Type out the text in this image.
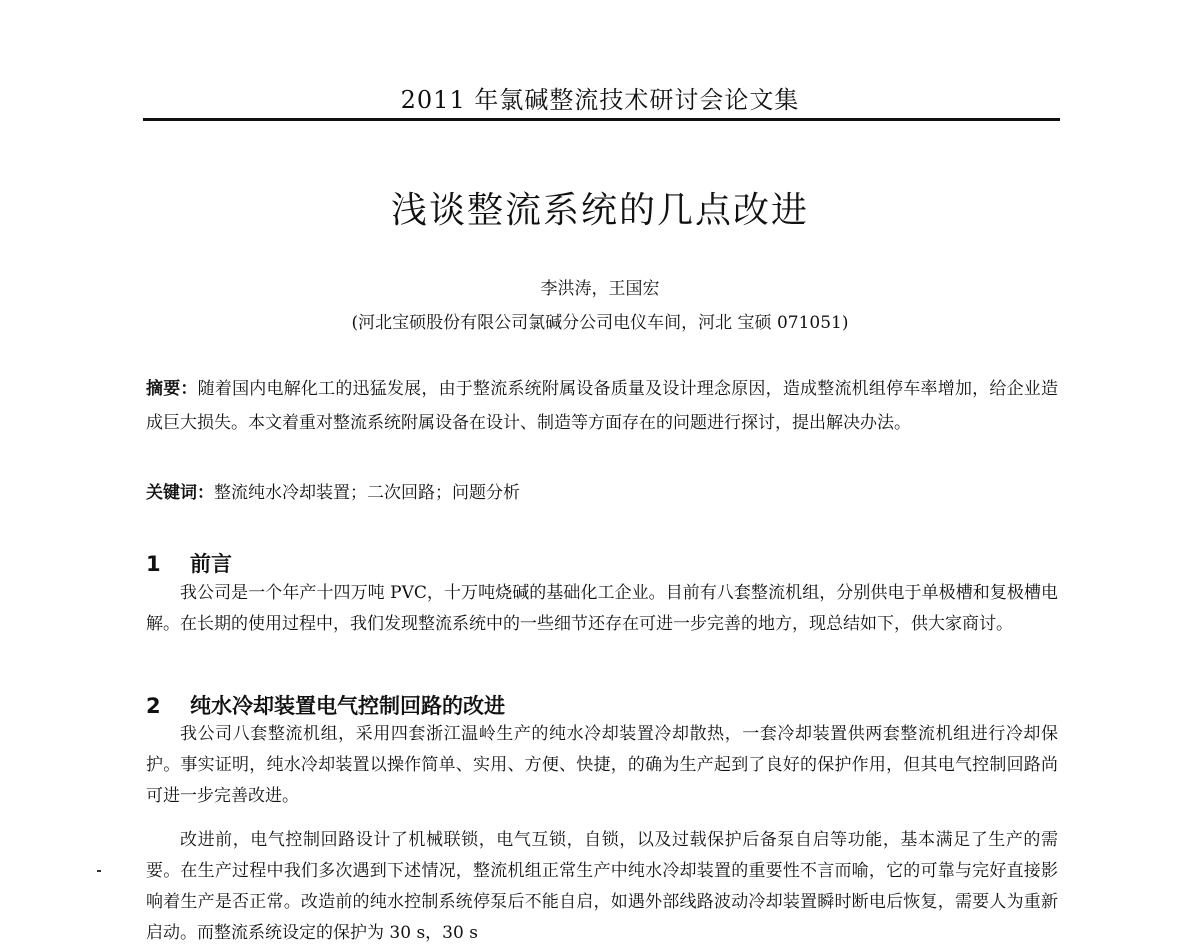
2011 年氯碱整流技术研讨会论文集
浅谈整流系统的几点改进
李洪涛，王国宏
(河北宝硕股份有限公司氯碱分公司电仪车间，河北 宝硕 071051)
摘要：随着国内电解化工的迅猛发展，由于整流系统附属设备质量及设计理念原因，造成整流机组停车率增加，给企业造成巨大损失。本文着重对整流系统附属设备在设计、制造等方面存在的问题进行探讨，提出解决办法。
关键词：整流纯水冷却装置；二次回路；问题分析
1 前言
我公司是一个年产十四万吨 PVC，十万吨烧碱的基础化工企业。目前有八套整流机组，分别供电于单极槽和复极槽电解。在长期的使用过程中，我们发现整流系统中的一些细节还存在可进一步完善的地方，现总结如下，供大家商讨。
2 纯水冷却装置电气控制回路的改进
我公司八套整流机组，采用四套浙江温岭生产的纯水冷却装置冷却散热，一套冷却装置供两套整流机组进行冷却保护。事实证明，纯水冷却装置以操作简单、实用、方便、快捷，的确为生产起到了良好的保护作用，但其电气控制回路尚可进一步完善改进。
改进前，电气控制回路设计了机械联锁，电气互锁，自锁，以及过载保护后备泵自启等功能，基本满足了生产的需要。在生产过程中我们多次遇到下述情况，整流机组正常生产中纯水冷却装置的重要性不言而喻，它的可靠与完好直接影响着生产是否正常。改造前的纯水控制系统停泵后不能自启，如遇外部线路波动冷却装置瞬时断电后恢复，需要人为重新启动。而整流系统设定的保护为 30 s，30 s
